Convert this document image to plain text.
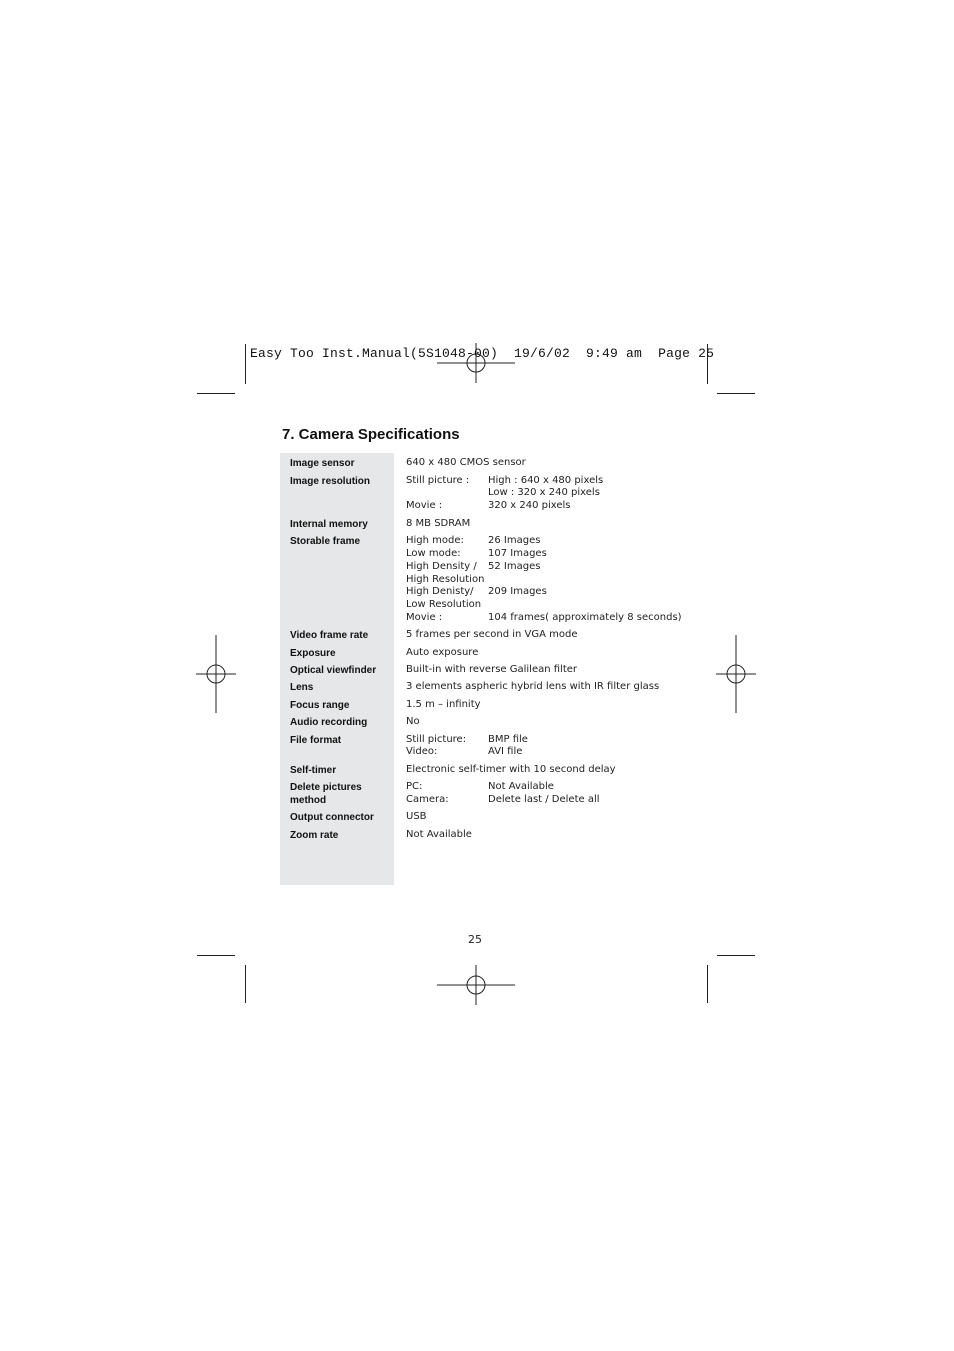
Easy Too Inst.Manual(5S1048-00)  19/6/02  9:49 am  Page 25
7. Camera Specifications
Image sensor	640 x 480 CMOS sensor
Image resolution	Still picture : High : 640 x 480 pixels
Low : 320 x 240 pixels
Movie :	320 x 240 pixels
Internal memory	8 MB SDRAM
Storable frame	High mode: 26 Images
Low mode:	107 Images
High Density / 52 Images
High Resolution
High Denisty/ 209 Images
Low Resolution
Movie :	104 frames( approximately 8 seconds)
Video frame rate	5 frames per second in VGA mode
Exposure	Auto exposure
Optical viewfinder	Built-in with reverse Galilean filter
Lens	3 elements aspheric hybrid lens with IR filter glass
Focus range	1.5 m – infinity
Audio recording	No
File format	Still picture: BMP file
Video:	AVI file
Self-timer	Electronic self-timer with 10 second delay
Delete pictures method
PC:	Not Available
Camera:	Delete last / Delete all
Output connector	USB
Zoom rate	Not Available
25
